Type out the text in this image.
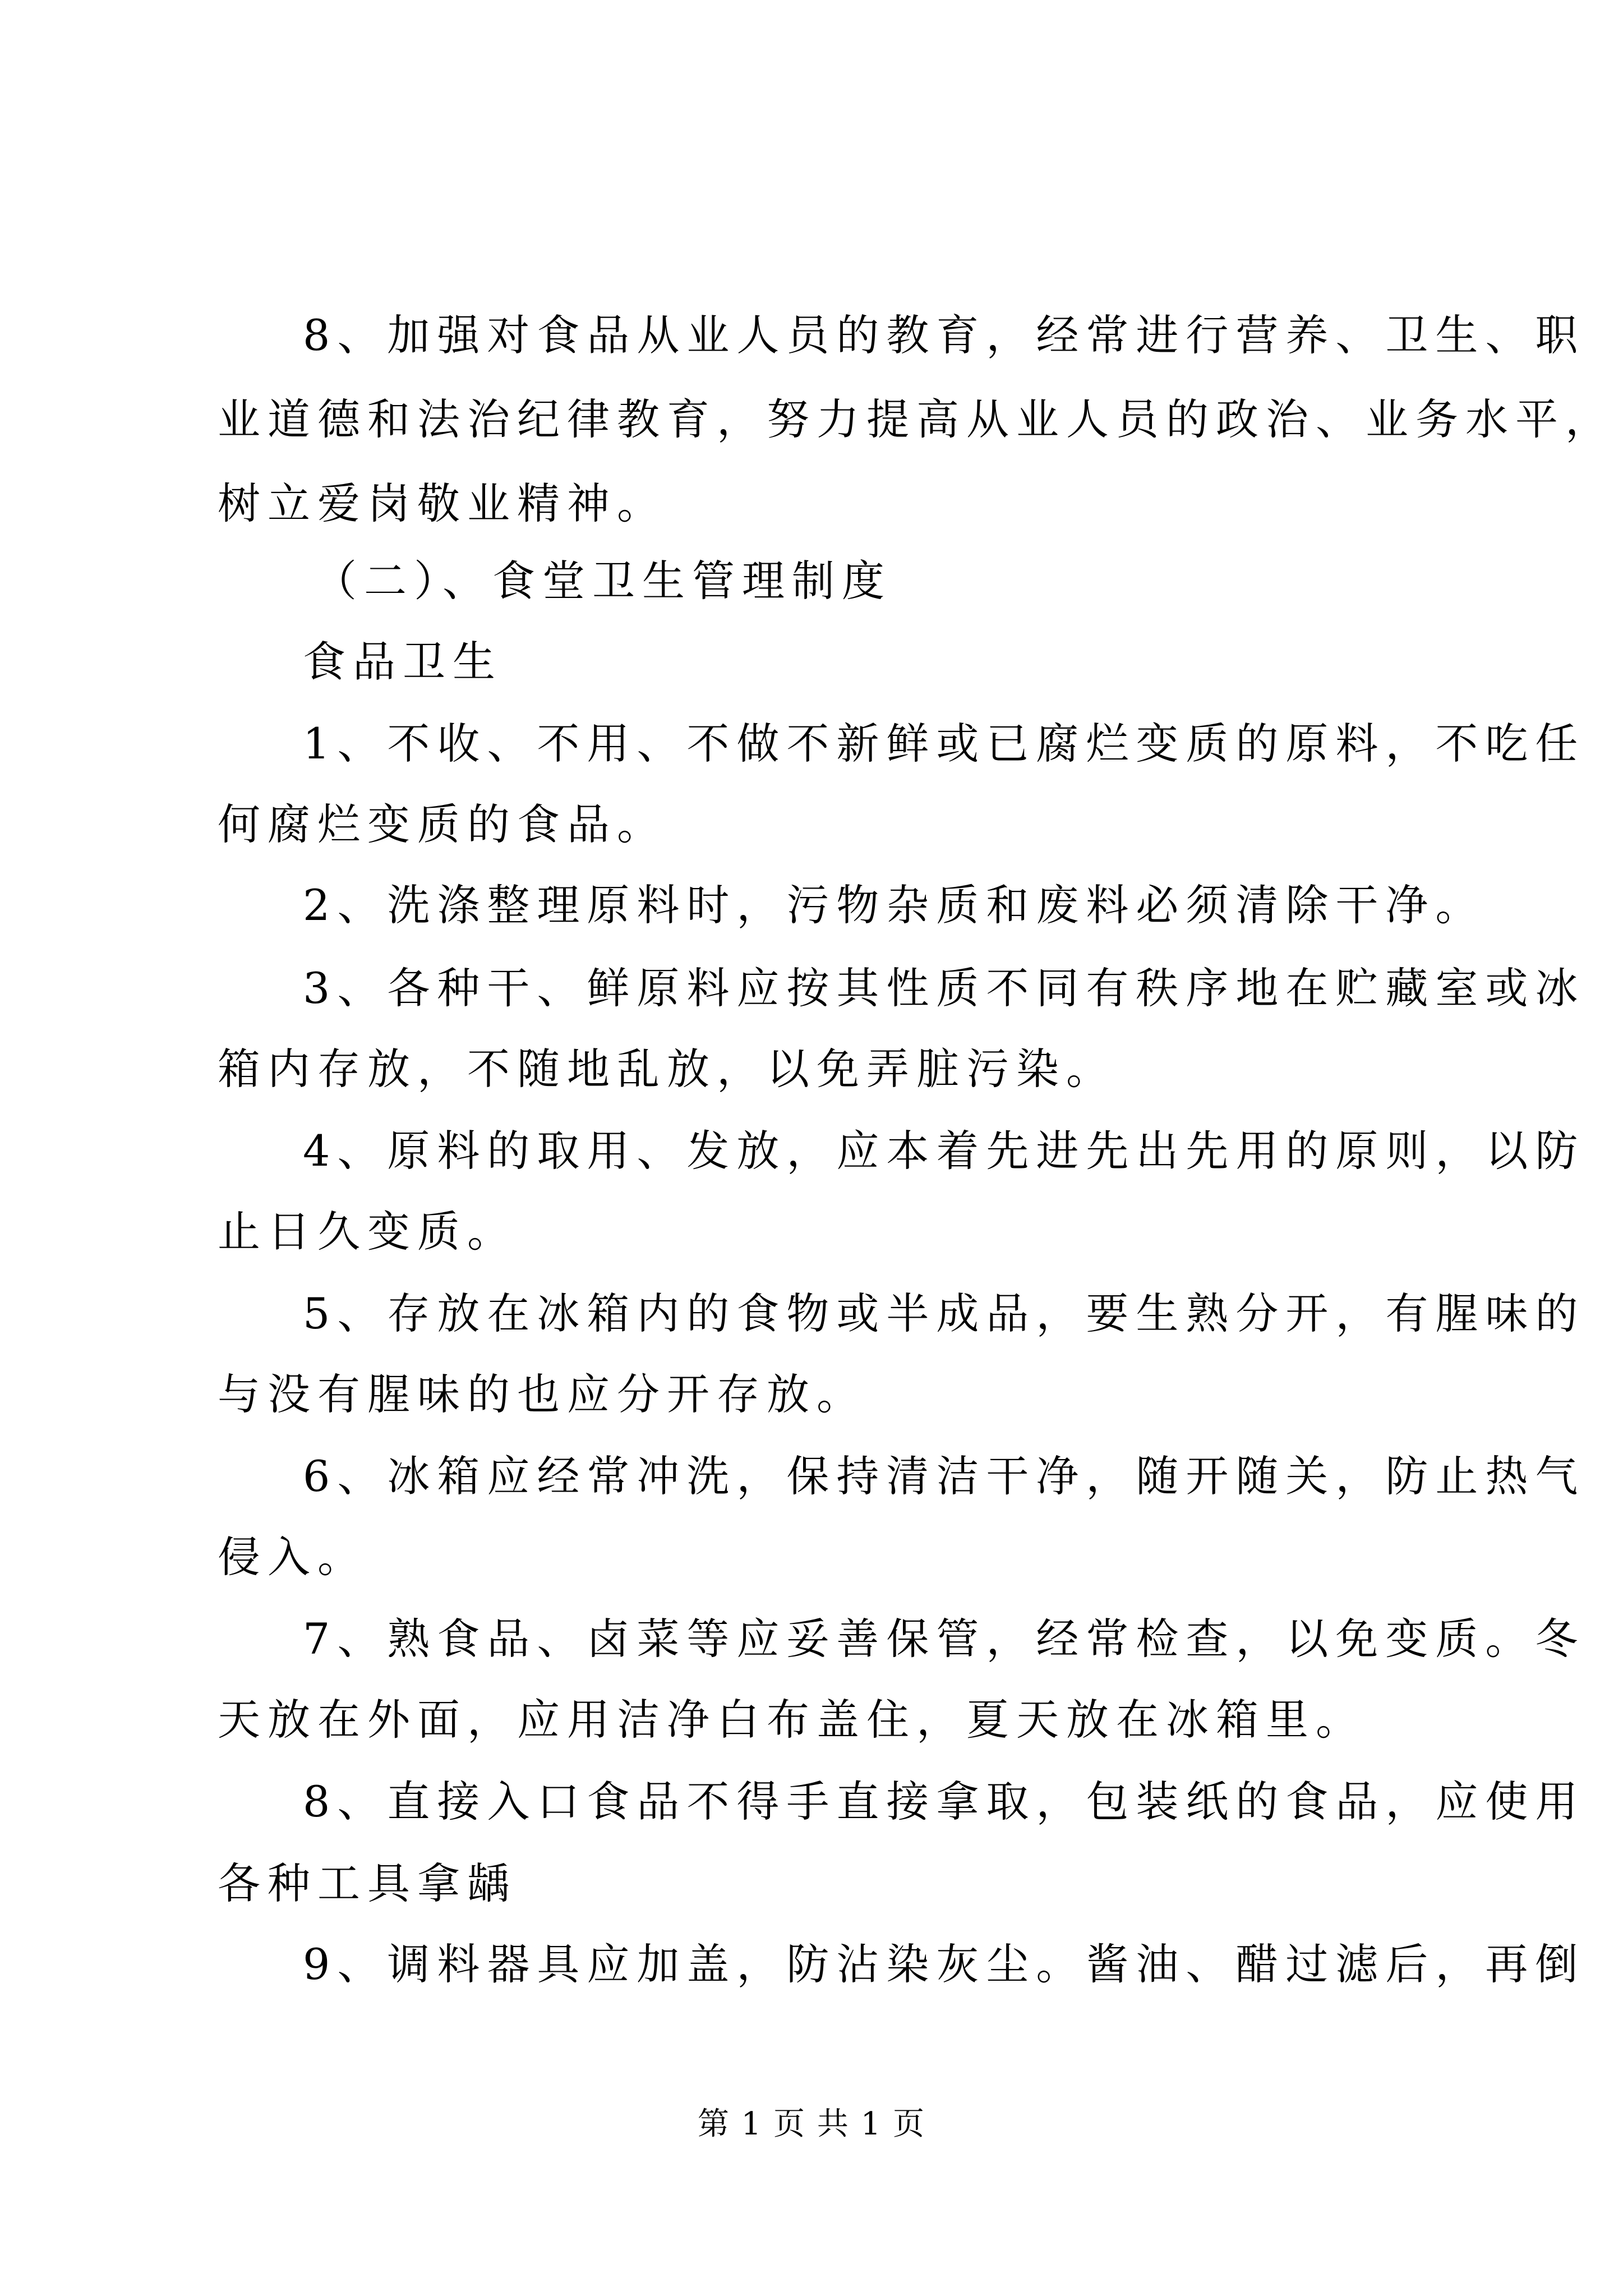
8、加强对食品从业人员的教育，经常进行营养、卫生、职
业道德和法治纪律教育，努力提高从业人员的政治、业务水平，
树立爱岗敬业精神。
（二）、食堂卫生管理制度
食品卫生
1、不收、不用、不做不新鲜或已腐烂变质的原料，不吃任
何腐烂变质的食品。
2、洗涤整理原料时，污物杂质和废料必须清除干净。
3、各种干、鲜原料应按其性质不同有秩序地在贮藏室或冰
箱内存放，不随地乱放，以免弄脏污染。
4、原料的取用、发放，应本着先进先出先用的原则，以防
止日久变质。
5、存放在冰箱内的食物或半成品，要生熟分开，有腥味的
与没有腥味的也应分开存放。
6、冰箱应经常冲洗，保持清洁干净，随开随关，防止热气
侵入。
7、熟食品、卤菜等应妥善保管，经常检查，以免变质。冬
天放在外面，应用洁净白布盖住，夏天放在冰箱里。
8、直接入口食品不得手直接拿取，包装纸的食品，应使用
各种工具拿龋
9、调料器具应加盖，防沾染灰尘。酱油、醋过滤后，再倒
第 1 页 共 1 页
